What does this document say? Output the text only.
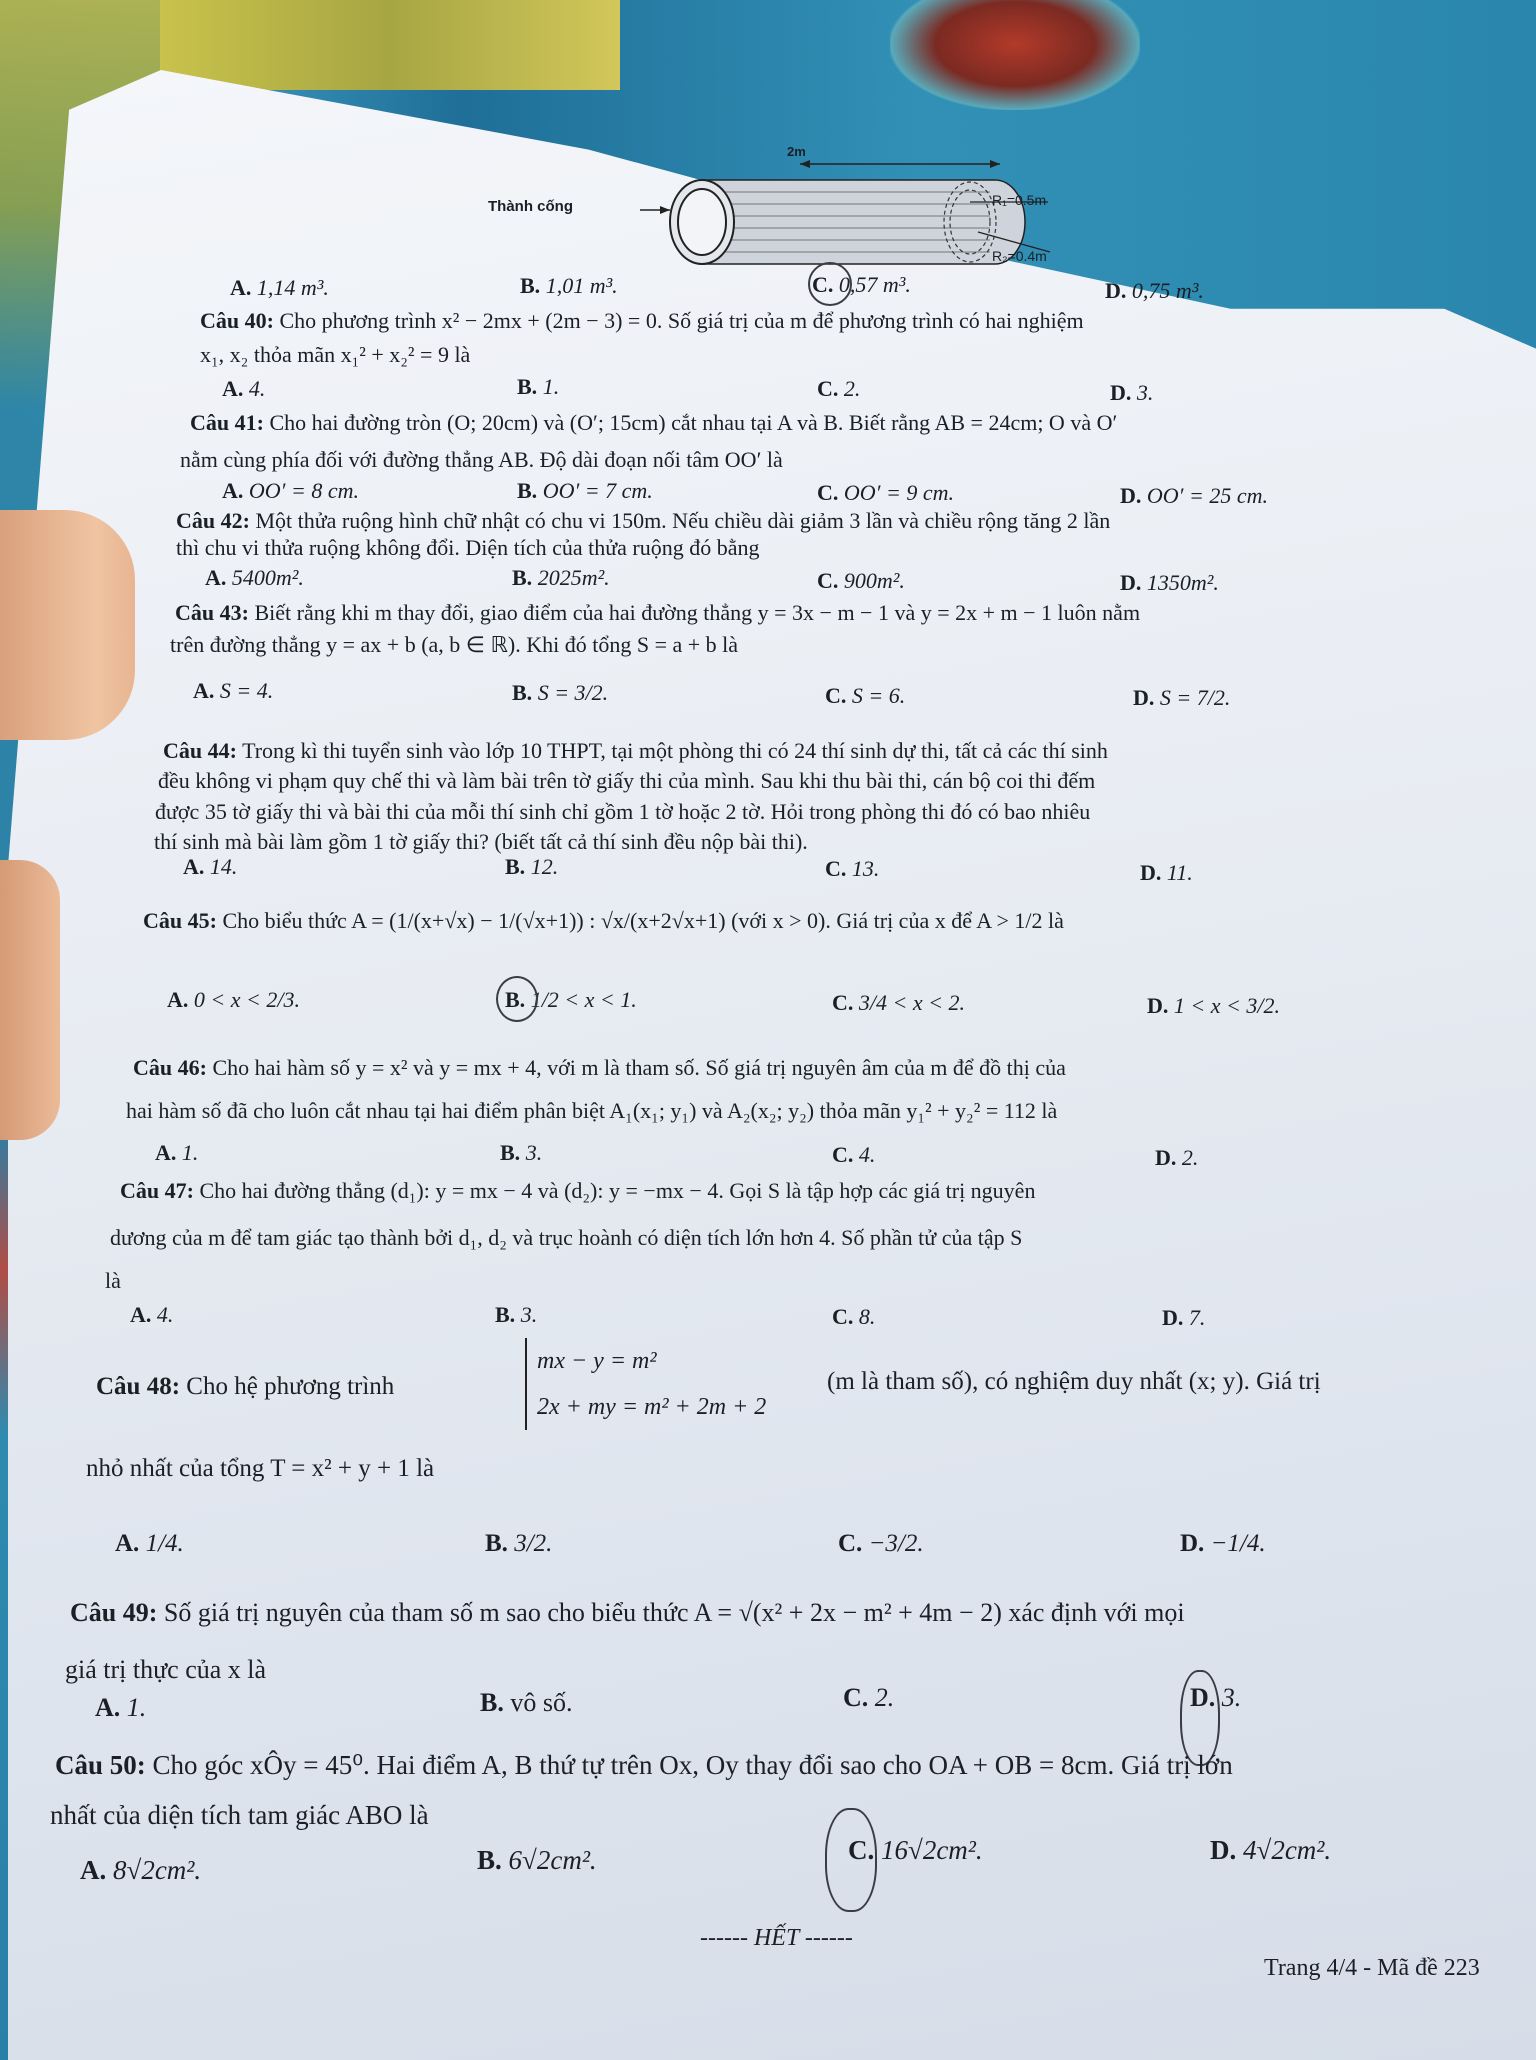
2m
Thành cống	R₁=0.5m
R₂=0.4m
A. 1,14 m³.	B. 1,01 m³.	C. 0,57 m³.	D. 0,75 m³.
Câu 40: Cho phương trình x² − 2mx + (2m − 3) = 0. Số giá trị của m để phương trình có hai nghiệm
x₁, x₂ thỏa mãn x₁² + x₂² = 9 là
A. 4.	B. 1.	C. 2.	D. 3.
Câu 41: Cho hai đường tròn (O; 20cm) và (O′; 15cm) cắt nhau tại A và B. Biết rằng AB = 24cm; O và O′
nằm cùng phía đối với đường thẳng AB. Độ dài đoạn nối tâm OO′ là
A. OO′ = 8 cm.	B. OO′ = 7 cm.	C. OO′ = 9 cm.	D. OO′ = 25 cm.
Câu 42: Một thửa ruộng hình chữ nhật có chu vi 150m. Nếu chiều dài giảm 3 lần và chiều rộng tăng 2 lần
thì chu vi thửa ruộng không đổi. Diện tích của thửa ruộng đó bằng
A. 5400m².	B. 2025m².	C. 900m².	D. 1350m².
Câu 43: Biết rằng khi m thay đổi, giao điểm của hai đường thẳng y = 3x − m − 1 và y = 2x + m − 1 luôn nằm
trên đường thẳng y = ax + b (a, b ∈ ℝ). Khi đó tổng S = a + b là
A. S = 4.	B. S = 3/2.	C. S = 6.	D. S = 7/2.
Câu 44: Trong kì thi tuyển sinh vào lớp 10 THPT, tại một phòng thi có 24 thí sinh dự thi, tất cả các thí sinh
đều không vi phạm quy chế thi và làm bài trên tờ giấy thi của mình. Sau khi thu bài thi, cán bộ coi thi đếm
được 35 tờ giấy thi và bài thi của mỗi thí sinh chỉ gồm 1 tờ hoặc 2 tờ. Hỏi trong phòng thi đó có bao nhiêu
thí sinh mà bài làm gồm 1 tờ giấy thi? (biết tất cả thí sinh đều nộp bài thi).
A. 14.	B. 12.	C. 13.	D. 11.
Câu 45: Cho biểu thức A = (1/(x+√x) − 1/(√x+1)) : √x/(x+2√x+1) (với x > 0). Giá trị của x để A > 1/2 là
A. 0 < x < 2/3.	B. 1/2 < x < 1.	C. 3/4 < x < 2.	D. 1 < x < 3/2.
Câu 46: Cho hai hàm số y = x² và y = mx + 4, với m là tham số. Số giá trị nguyên âm của m để đồ thị của
hai hàm số đã cho luôn cắt nhau tại hai điểm phân biệt A₁(x₁; y₁) và A₂(x₂; y₂) thỏa mãn y₁² + y₂² = 112 là
A. 1.	B. 3.	C. 4.	D. 2.
Câu 47: Cho hai đường thẳng (d₁): y = mx − 4 và (d₂): y = −mx − 4. Gọi S là tập hợp các giá trị nguyên
dương của m để tam giác tạo thành bởi d₁, d₂ và trục hoành có diện tích lớn hơn 4. Số phần tử của tập S
là
A. 4.	B. 3.	C. 8.	D. 7.
Câu 48: Cho hệ phương trình
mx − y = m²
2x + my = m² + 2m + 2
(m là tham số), có nghiệm duy nhất (x; y). Giá trị
nhỏ nhất của tổng T = x² + y + 1 là
A. 1/4.	B. 3/2.	C. −3/2.	D. −1/4.
Câu 49: Số giá trị nguyên của tham số m sao cho biểu thức A = √(x² + 2x − m² + 4m − 2) xác định với mọi
giá trị thực của x là
A. 1.	B. vô số.	C. 2.	D. 3.
Câu 50: Cho góc xÔy = 45⁰. Hai điểm A, B thứ tự trên Ox, Oy thay đổi sao cho OA + OB = 8cm. Giá trị lớn
nhất của diện tích tam giác ABO là
A. 8√2cm².	B. 6√2cm².	C. 16√2cm².	D. 4√2cm².
------ HẾT ------
Trang 4/4 - Mã đề 223
